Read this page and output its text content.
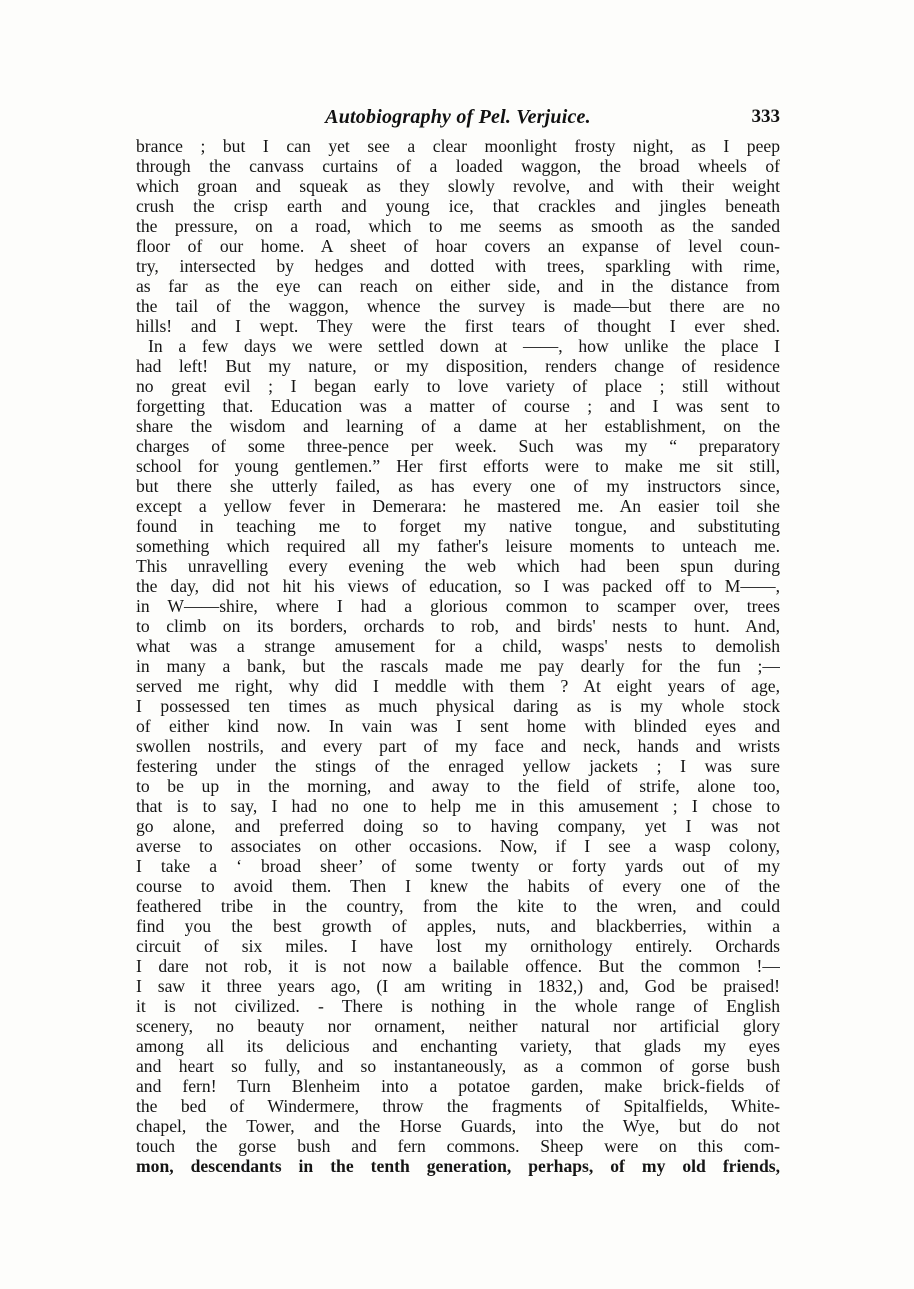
Autobiography of Pel. Verjuice.	333
brance ; but I can yet see a clear moonlight frosty night, as I peep
through the canvass curtains of a loaded waggon, the broad wheels of
which groan and squeak as they slowly revolve, and with their weight
crush the crisp earth and young ice, that crackles and jingles beneath
the pressure, on a road, which to me seems as smooth as the sanded
floor of our home. A sheet of hoar covers an expanse of level coun-
try, intersected by hedges and dotted with trees, sparkling with rime,
as far as the eye can reach on either side, and in the distance from
the tail of the waggon, whence the survey is made—but there are no
hills! and I wept. They were the first tears of thought I ever shed.
In a few days we were settled down at ——, how unlike the place I
had left! But my nature, or my disposition, renders change of residence
no great evil ; I began early to love variety of place ; still without
forgetting that. Education was a matter of course ; and I was sent to
share the wisdom and learning of a dame at her establishment, on the
charges of some three-pence per week. Such was my “ preparatory
school for young gentlemen.” Her first efforts were to make me sit still,
but there she utterly failed, as has every one of my instructors since,
except a yellow fever in Demerara: he mastered me. An easier toil she
found in teaching me to forget my native tongue, and substituting
something which required all my father's leisure moments to unteach me.
This unravelling every evening the web which had been spun during
the day, did not hit his views of education, so I was packed off to M——,
in W——shire, where I had a glorious common to scamper over, trees
to climb on its borders, orchards to rob, and birds' nests to hunt. And,
what was a strange amusement for a child, wasps' nests to demolish
in many a bank, but the rascals made me pay dearly for the fun ;—
served me right, why did I meddle with them ? At eight years of age,
I possessed ten times as much physical daring as is my whole stock
of either kind now. In vain was I sent home with blinded eyes and
swollen nostrils, and every part of my face and neck, hands and wrists
festering under the stings of the enraged yellow jackets ; I was sure
to be up in the morning, and away to the field of strife, alone too,
that is to say, I had no one to help me in this amusement ; I chose to
go alone, and preferred doing so to having company, yet I was not
averse to associates on other occasions. Now, if I see a wasp colony,
I take a ‘ broad sheer’ of some twenty or forty yards out of my
course to avoid them. Then I knew the habits of every one of the
feathered tribe in the country, from the kite to the wren, and could
find you the best growth of apples, nuts, and blackberries, within a
circuit of six miles. I have lost my ornithology entirely. Orchards
I dare not rob, it is not now a bailable offence. But the common !—
I saw it three years ago, (I am writing in 1832,) and, God be praised!
it is not civilized. - There is nothing in the whole range of English
scenery, no beauty nor ornament, neither natural nor artificial glory
among all its delicious and enchanting variety, that glads my eyes
and heart so fully, and so instantaneously, as a common of gorse bush
and fern! Turn Blenheim into a potatoe garden, make brick-fields of
the bed of Windermere, throw the fragments of Spitalfields, White-
chapel, the Tower, and the Horse Guards, into the Wye, but do not
touch the gorse bush and fern commons. Sheep were on this com-
mon, descendants in the tenth generation, perhaps, of my old friends,
